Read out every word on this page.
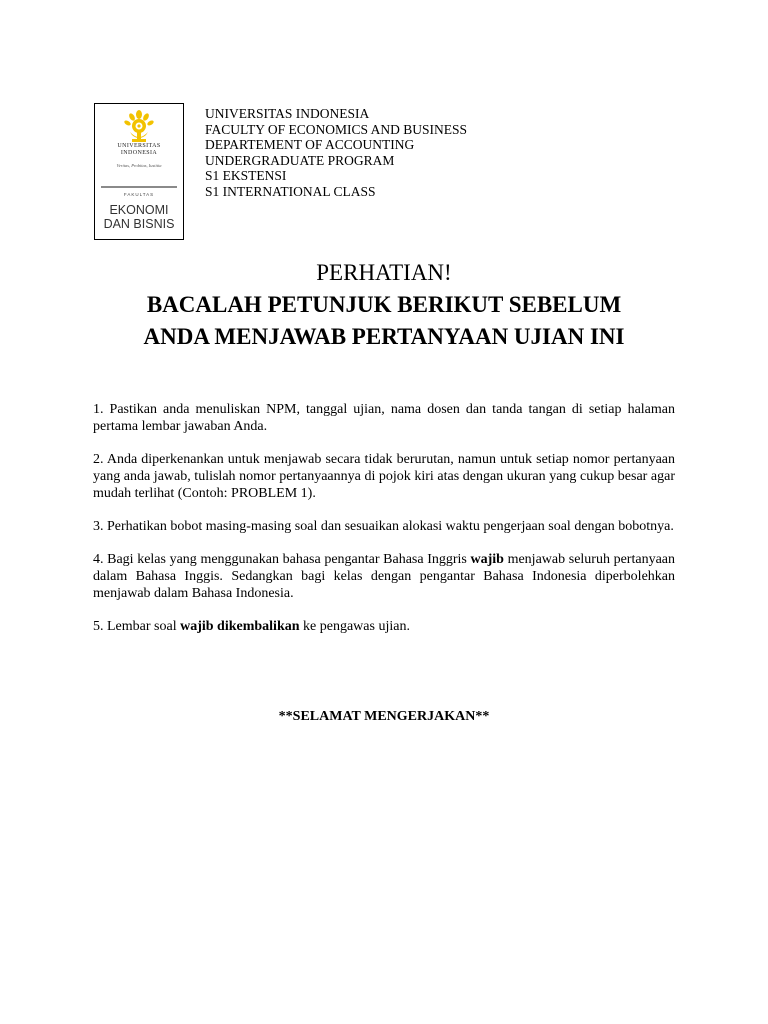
UNIVERSITAS
INDONESIA
Veritas, Probitas, Iustitia
FAKULTAS
EKONOMI
DAN BISNIS
UNIVERSITAS INDONESIA
FACULTY OF ECONOMICS AND BUSINESS
DEPARTEMENT OF ACCOUNTING
UNDERGRADUATE PROGRAM
S1 EKSTENSI
S1 INTERNATIONAL CLASS

PERHATIAN!

BACALAH PETUNJUK BERIKUT SEBELUM

ANDA MENJAWAB PERTANYAAN UJIAN INI

1. Pastikan anda menuliskan NPM, tanggal ujian, nama dosen dan tanda tangan di setiap halaman pertama lembar jawaban Anda.

2. Anda diperkenankan untuk menjawab secara tidak berurutan, namun untuk setiap nomor pertanyaan yang anda jawab, tulislah nomor pertanyaannya di pojok kiri atas dengan ukuran yang cukup besar agar mudah terlihat (Contoh: PROBLEM 1).

3. Perhatikan bobot masing-masing soal dan sesuaikan alokasi waktu pengerjaan soal dengan bobotnya.

4. Bagi kelas yang menggunakan bahasa pengantar Bahasa Inggris wajib menjawab seluruh pertanyaan dalam Bahasa Inggis. Sedangkan bagi kelas dengan pengantar Bahasa Indonesia diperbolehkan menjawab dalam Bahasa Indonesia.

5. Lembar soal wajib dikembalikan ke pengawas ujian.

**SELAMAT MENGERJAKAN**
